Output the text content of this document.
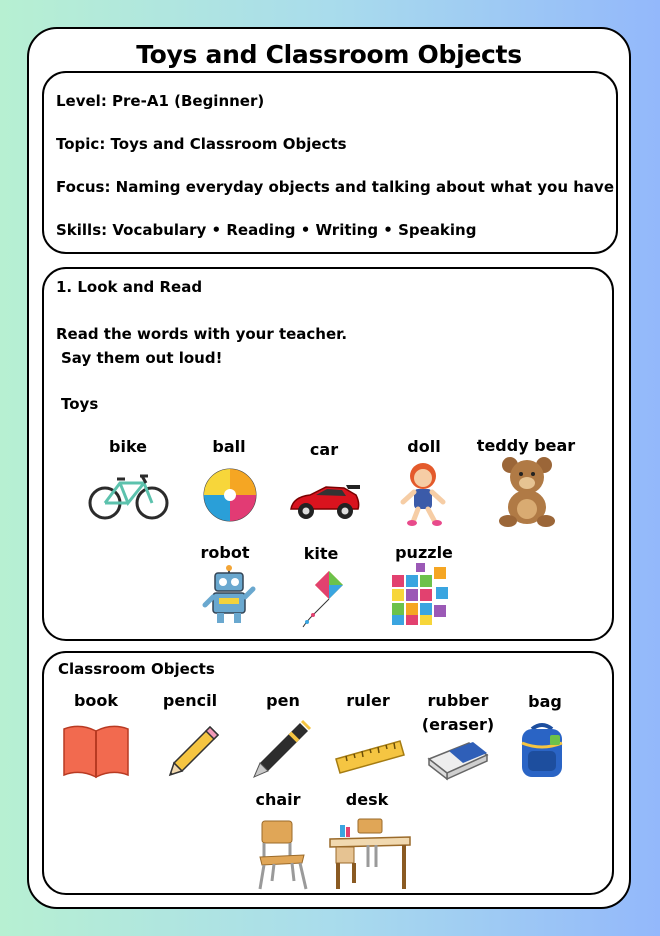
Toys and Classroom Objects
Level: Pre-A1 (Beginner)
Topic: Toys and Classroom Objects
Focus: Naming everyday objects and talking about what you have
Skills: Vocabulary • Reading • Writing • Speaking
1. Look and Read
Read the words with your teacher.
Say them out loud!
Toys
bike	ball	car	doll	teddy bear
robot	kite	puzzle
Classroom Objects
book	pencil	pen	ruler	rubber
(eraser)
bag
chair	desk
